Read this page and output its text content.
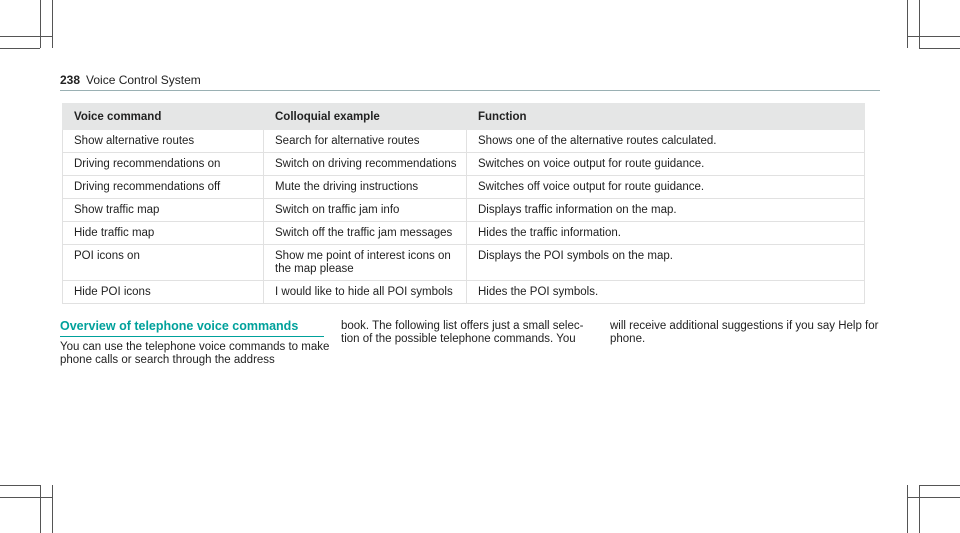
238 Voice Control System
Voice command	Colloquial example	Function
Show alternative routes	Search for alternative routes	Shows one of the alternative routes calculated.
Driving recommendations on	Switch on driving recommendations	Switches on voice output for route guidance.
Driving recommendations off	Mute the driving instructions	Switches off voice output for route guidance.
Show traffic map	Switch on traffic jam info	Displays traffic information on the map.
Hide traffic map	Switch off the traffic jam messages	Hides the traffic information.
POI icons on	Show me point of interest icons on the map please	Displays the POI symbols on the map.
Hide POI icons	I would like to hide all POI symbols	Hides the POI symbols.
Overview of telephone voice commands
You can use the telephone voice commands to make phone calls or search through the address
book. The following list offers just a small selec-tion of the possible telephone commands. You
will receive additional suggestions if you say Help for phone.
